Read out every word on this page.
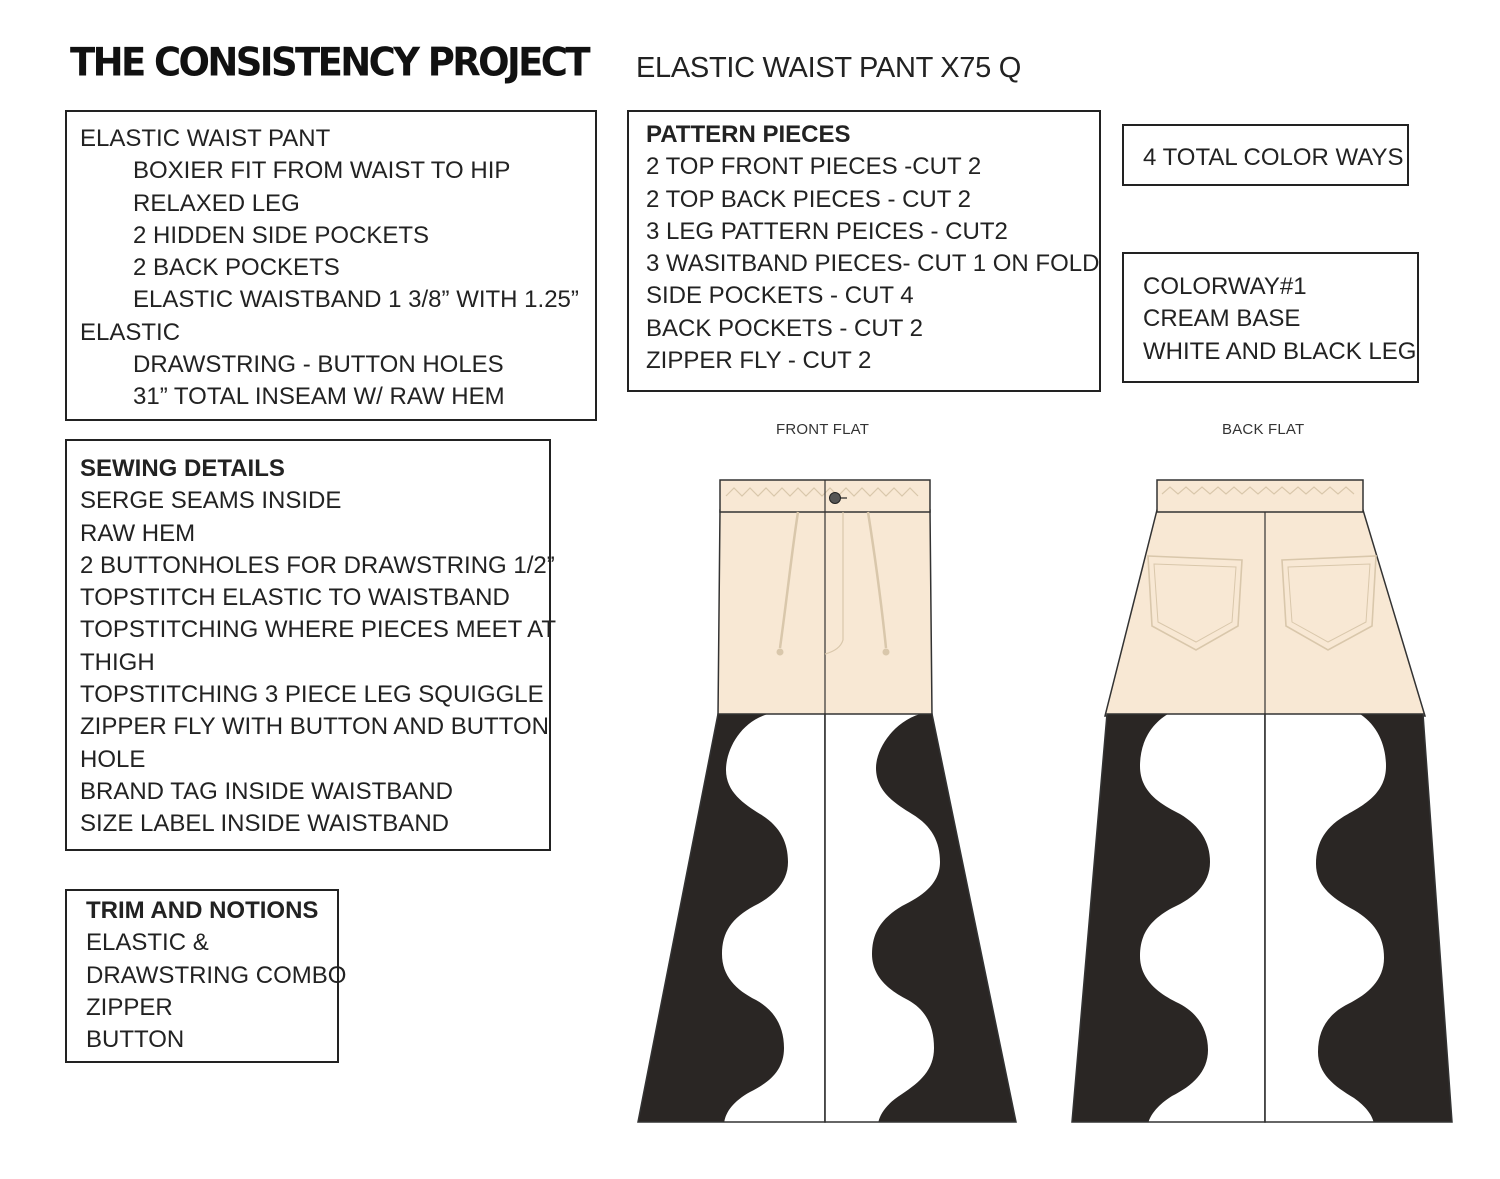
THE CONSISTENCY PROJECT ELASTIC WAIST PANT X75 Q
ELASTIC WAIST PANT
BOXIER FIT FROM WAIST TO HIP
RELAXED LEG
2 HIDDEN SIDE POCKETS
2 BACK POCKETS
ELASTIC WAISTBAND 1 3/8” WITH 1.25”
ELASTIC
DRAWSTRING - BUTTON HOLES
31” TOTAL INSEAM W/ RAW HEM
PATTERN PIECES
2 TOP FRONT PIECES -CUT 2
2 TOP BACK PIECES - CUT 2
3 LEG PATTERN PEICES - CUT2
3 WASITBAND PIECES- CUT 1 ON FOLD
SIDE POCKETS - CUT 4
BACK POCKETS - CUT 2
ZIPPER FLY - CUT 2
4 TOTAL COLOR WAYS
COLORWAY#1
CREAM BASE
WHITE AND BLACK LEG
SEWING DETAILS
SERGE SEAMS INSIDE
RAW HEM
2 BUTTONHOLES FOR DRAWSTRING 1/2”
TOPSTITCH ELASTIC TO WAISTBAND
TOPSTITCHING WHERE PIECES MEET AT
THIGH
TOPSTITCHING 3 PIECE LEG SQUIGGLE
ZIPPER FLY WITH BUTTON AND BUTTON
HOLE
BRAND TAG INSIDE WAISTBAND
SIZE LABEL INSIDE WAISTBAND
TRIM AND NOTIONS
ELASTIC &
DRAWSTRING COMBO
ZIPPER
BUTTON
FRONT FLAT	BACK FLAT
